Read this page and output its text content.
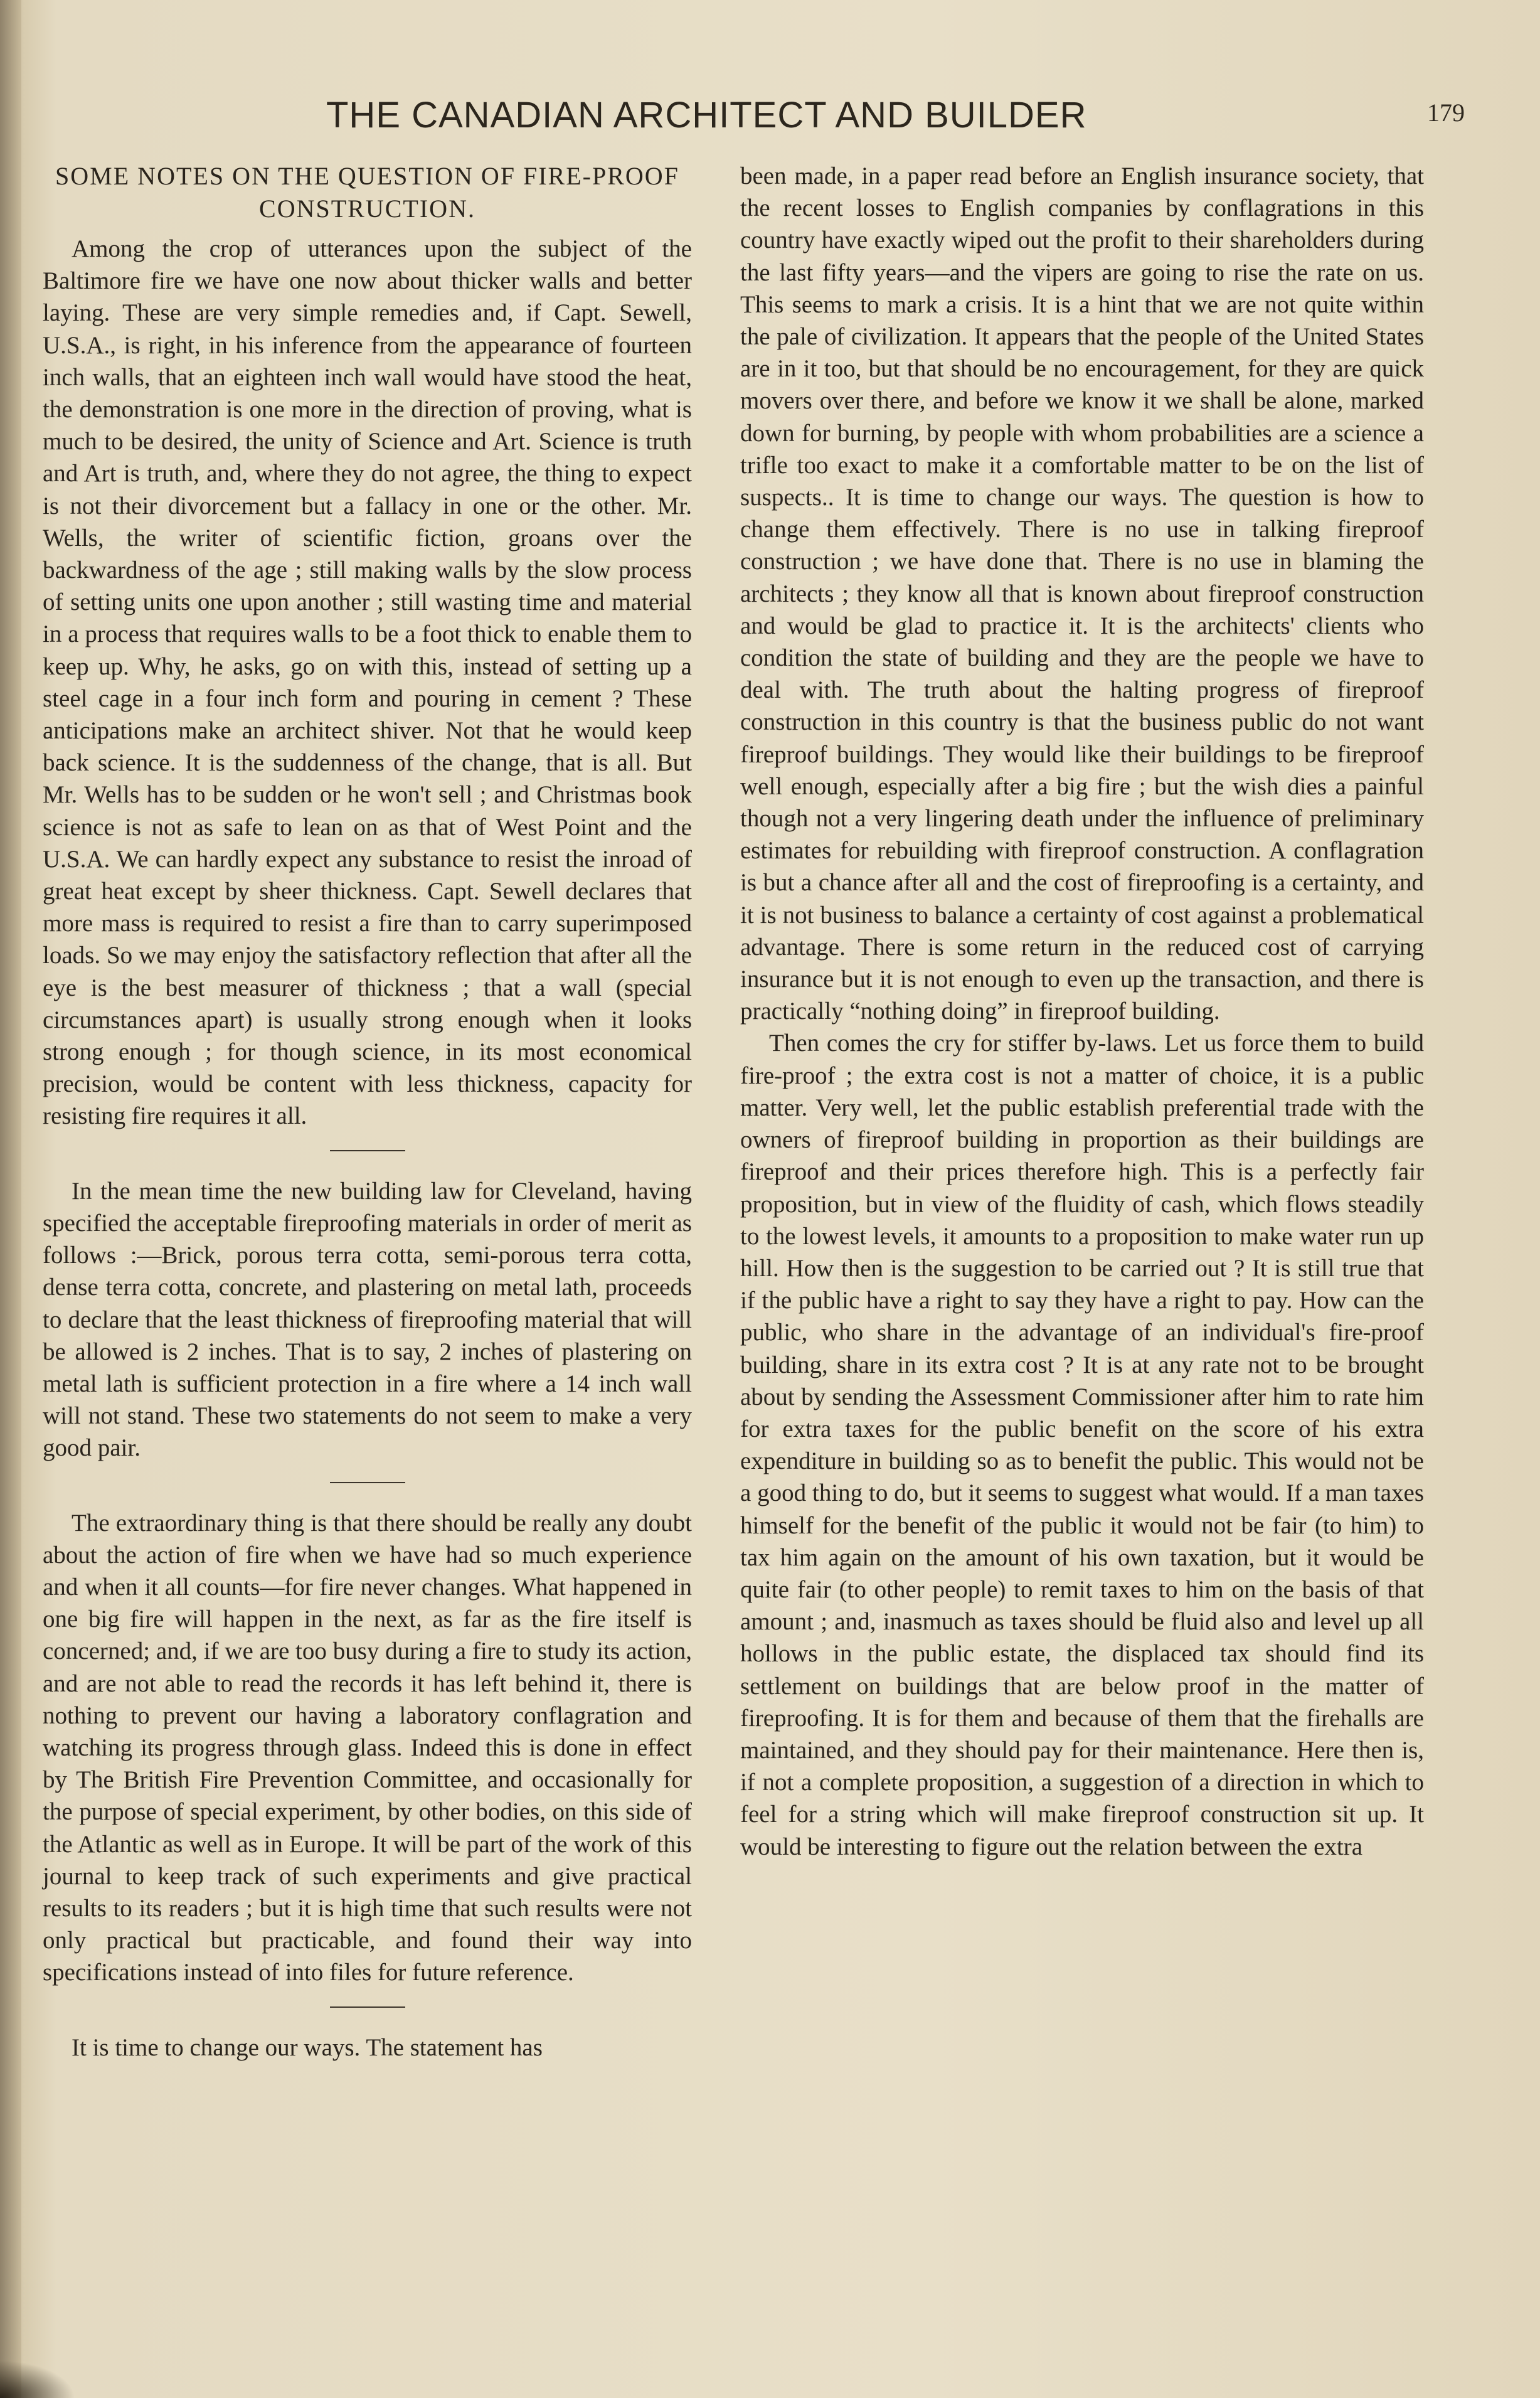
THE CANADIAN ARCHITECT AND BUILDER	179
SOME NOTES ON THE QUESTION OF FIRE-PROOF CONSTRUCTION.

Among the crop of utterances upon the subject of the Baltimore fire we have one now about thicker walls and better laying. These are very simple remedies and, if Capt. Sewell, U.S.A., is right, in his inference from the appearance of fourteen inch walls, that an eighteen inch wall would have stood the heat, the demonstration is one more in the direction of proving, what is much to be desired, the unity of Science and Art. Science is truth and Art is truth, and, where they do not agree, the thing to expect is not their divorcement but a fallacy in one or the other. Mr. Wells, the writer of scientific fiction, groans over the backwardness of the age ; still making walls by the slow process of setting units one upon another ; still wasting time and material in a process that requires walls to be a foot thick to enable them to keep up. Why, he asks, go on with this, instead of setting up a steel cage in a four inch form and pouring in cement ? These anticipations make an architect shiver. Not that he would keep back science. It is the suddenness of the change, that is all. But Mr. Wells has to be sudden or he won't sell ; and Christmas book science is not as safe to lean on as that of West Point and the U.S.A. We can hardly expect any substance to resist the inroad of great heat except by sheer thickness. Capt. Sewell declares that more mass is required to resist a fire than to carry superimposed loads. So we may enjoy the satisfactory reflection that after all the eye is the best measurer of thickness ; that a wall (special circumstances apart) is usually strong enough when it looks strong enough ; for though science, in its most economical precision, would be content with less thickness, capacity for resisting fire requires it all.

In the mean time the new building law for Cleveland, having specified the acceptable fireproofing materials in order of merit as follows :—Brick, porous terra cotta, semi-porous terra cotta, dense terra cotta, concrete, and plastering on metal lath, proceeds to declare that the least thickness of fireproofing material that will be allowed is 2 inches. That is to say, 2 inches of plastering on metal lath is sufficient protection in a fire where a 14 inch wall will not stand. These two statements do not seem to make a very good pair.

The extraordinary thing is that there should be really any doubt about the action of fire when we have had so much experience and when it all counts—for fire never changes. What happened in one big fire will happen in the next, as far as the fire itself is concerned; and, if we are too busy during a fire to study its action, and are not able to read the records it has left behind it, there is nothing to prevent our having a laboratory conflagration and watching its progress through glass. Indeed this is done in effect by The British Fire Prevention Committee, and occasionally for the purpose of special experiment, by other bodies, on this side of the Atlantic as well as in Europe. It will be part of the work of this journal to keep track of such experiments and give practical results to its readers ; but it is high time that such results were not only practical but practicable, and found their way into specifications instead of into files for future reference.

It is time to change our ways. The statement has

been made, in a paper read before an English insurance society, that the recent losses to English companies by conflagrations in this country have exactly wiped out the profit to their shareholders during the last fifty years—and the vipers are going to rise the rate on us. This seems to mark a crisis. It is a hint that we are not quite within the pale of civilization. It appears that the people of the United States are in it too, but that should be no encouragement, for they are quick movers over there, and before we know it we shall be alone, marked down for burning, by people with whom probabilities are a science a trifle too exact to make it a comfortable matter to be on the list of suspects.. It is time to change our ways. The question is how to change them effectively. There is no use in talking fireproof construction ; we have done that. There is no use in blaming the architects ; they know all that is known about fireproof construction and would be glad to practice it. It is the architects' clients who condition the state of building and they are the people we have to deal with. The truth about the halting progress of fireproof construction in this country is that the business public do not want fireproof buildings. They would like their buildings to be fireproof well enough, especially after a big fire ; but the wish dies a painful though not a very lingering death under the influence of preliminary estimates for rebuilding with fireproof construction. A conflagration is but a chance after all and the cost of fireproofing is a certainty, and it is not business to balance a certainty of cost against a problematical advantage. There is some return in the reduced cost of carrying insurance but it is not enough to even up the transaction, and there is practically “nothing doing” in fireproof building.

Then comes the cry for stiffer by-laws. Let us force them to build fire-proof ; the extra cost is not a matter of choice, it is a public matter. Very well, let the public establish preferential trade with the owners of fireproof building in proportion as their buildings are fireproof and their prices therefore high. This is a perfectly fair proposition, but in view of the fluidity of cash, which flows steadily to the lowest levels, it amounts to a proposition to make water run up hill. How then is the suggestion to be carried out ? It is still true that if the public have a right to say they have a right to pay. How can the public, who share in the advantage of an individual's fire-proof building, share in its extra cost ? It is at any rate not to be brought about by sending the Assessment Commissioner after him to rate him for extra taxes for the public benefit on the score of his extra expenditure in building so as to benefit the public. This would not be a good thing to do, but it seems to suggest what would. If a man taxes himself for the benefit of the public it would not be fair (to him) to tax him again on the amount of his own taxation, but it would be quite fair (to other people) to remit taxes to him on the basis of that amount ; and, inasmuch as taxes should be fluid also and level up all hollows in the public estate, the displaced tax should find its settlement on buildings that are below proof in the matter of fireproofing. It is for them and because of them that the firehalls are maintained, and they should pay for their maintenance. Here then is, if not a complete proposition, a suggestion of a direction in which to feel for a string which will make fireproof construction sit up. It would be interesting to figure out the relation between the extra
